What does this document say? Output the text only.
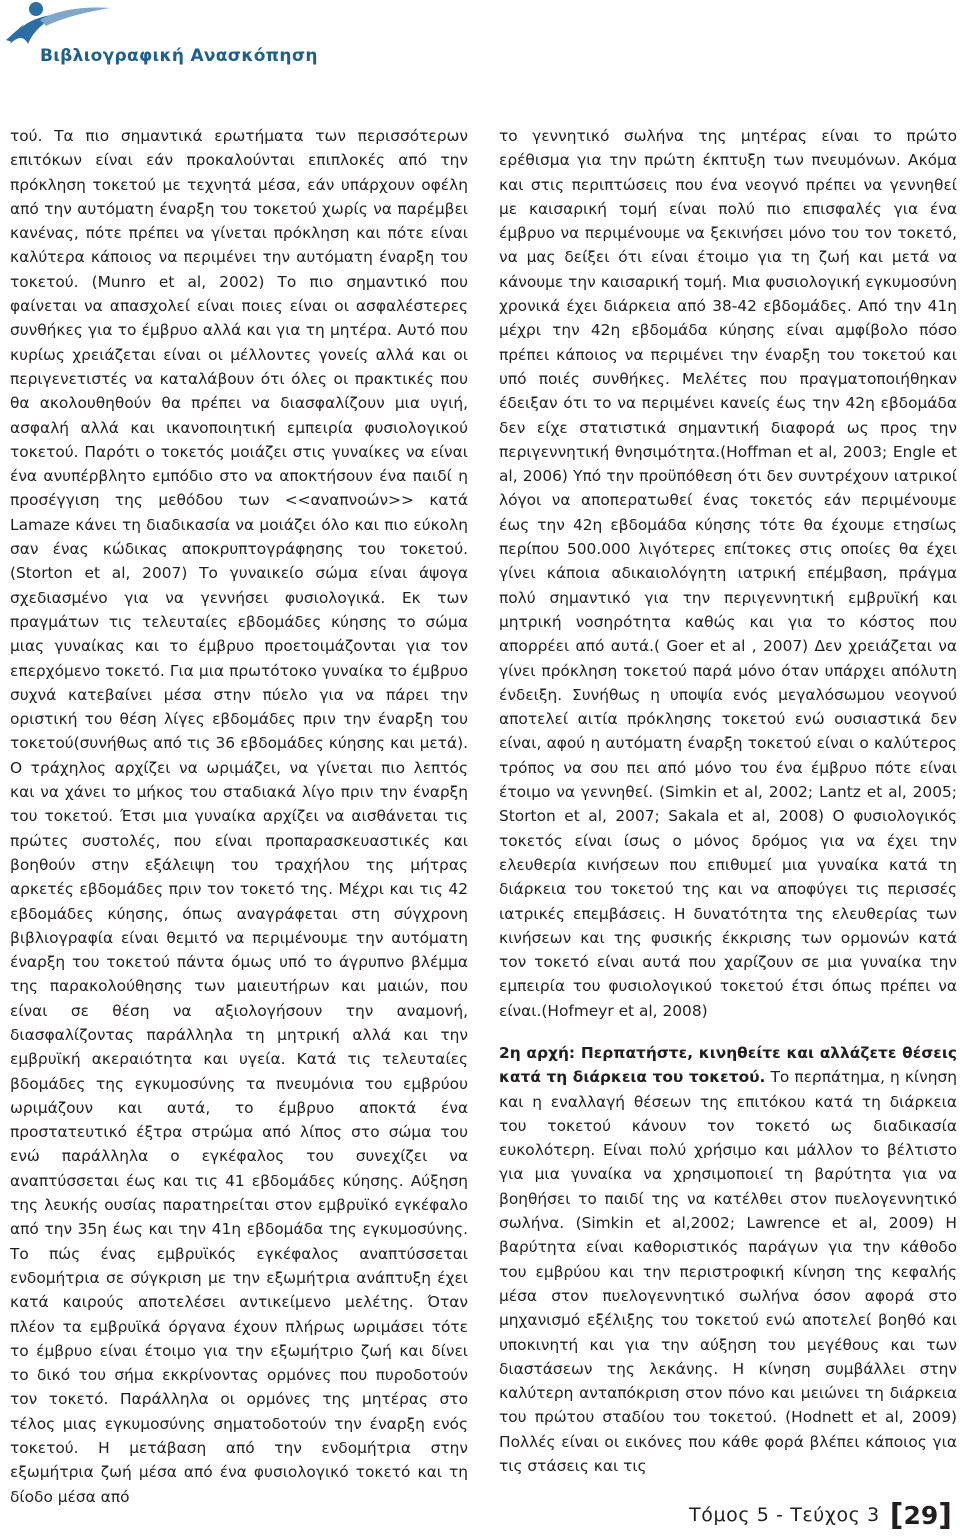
Βιβλιογραφική Ανασκόπηση

τού. Τα πιο σημαντικά ερωτήματα των περισσότερων επιτόκων είναι εάν προκαλούνται επιπλοκές από την πρόκληση τοκετού με τεχνητά μέσα, εάν υπάρχουν οφέλη από την αυτόματη έναρξη του τοκετού χωρίς να παρέμβει κανένας, πότε πρέπει να γίνεται πρόκληση και πότε είναι καλύτερα κάποιος να περιμένει την αυτόματη έναρξη του τοκετού. (Munro et al, 2002) Το πιο σημαντικό που φαίνεται να απασχολεί είναι ποιες είναι οι ασφαλέστερες συνθήκες για το έμβρυο αλλά και για τη μητέρα. Αυτό που κυρίως χρειάζεται είναι οι μέλλοντες γονείς αλλά και οι περιγενετιστές να καταλάβουν ότι όλες οι πρακτικές που θα ακολουθηθούν θα πρέπει να διασφαλίζουν μια υγιή, ασφαλή αλλά και ικανοποιητική εμπειρία φυσιολογικού τοκετού. Παρότι ο τοκετός μοιάζει στις γυναίκες να είναι ένα ανυπέρβλητο εμπόδιο στο να αποκτήσουν ένα παιδί η προσέγγιση της μεθόδου των <<αναπνοών>> κατά Lamaze κάνει τη διαδικασία να μοιάζει όλο και πιο εύκολη σαν ένας κώδικας αποκρυπτογράφησης του τοκετού.(Storton et al, 2007) Το γυναικείο σώμα είναι άψογα σχεδιασμένο για να γεννήσει φυσιολογικά. Εκ των πραγμάτων τις τελευταίες εβδομάδες κύησης το σώμα μιας γυναίκας και το έμβρυο προετοιμάζονται για τον επερχόμενο τοκετό. Για μια πρωτότοκο γυναίκα το έμβρυο συχνά κατεβαίνει μέσα στην πύελο για να πάρει την οριστική του θέση λίγες εβδομάδες πριν την έναρξη του τοκετού(συνήθως από τις 36 εβδομάδες κύησης και μετά). Ο τράχηλος αρχίζει να ωριμάζει, να γίνεται πιο λεπτός και να χάνει το μήκος του σταδιακά λίγο πριν την έναρξη του τοκετού. Έτσι μια γυναίκα αρχίζει να αισθάνεται τις πρώτες συστολές, που είναι προπαρασκευαστικές και βοηθούν στην εξάλειψη του τραχήλου της μήτρας αρκετές εβδομάδες πριν τον τοκετό της. Μέχρι και τις 42 εβδομάδες κύησης, όπως αναγράφεται στη σύγχρονη βιβλιογραφία είναι θεμιτό να περιμένουμε την αυτόματη έναρξη του τοκετού πάντα όμως υπό το άγρυπνο βλέμμα της παρακολούθησης των μαιευτήρων και μαιών, που είναι σε θέση να αξιολογήσουν την αναμονή, διασφαλίζοντας παράλληλα τη μητρική αλλά και την εμβρυϊκή ακεραιότητα και υγεία. Κατά τις τελευταίες βδομάδες της εγκυμοσύνης τα πνευμόνια του εμβρύου ωριμάζουν και αυτά, το έμβρυο αποκτά ένα προστατευτικό έξτρα στρώμα από λίπος στο σώμα του ενώ παράλληλα ο εγκέφαλος του συνεχίζει να αναπτύσσεται έως και τις 41 εβδομάδες κύησης. Αύξηση της λευκής ουσίας παρατηρείται στον εμβρυϊκό εγκέφαλο από την 35η έως και την 41η εβδομάδα της εγκυμοσύνης. Το πώς ένας εμβρυϊκός εγκέφαλος αναπτύσσεται ενδομήτρια σε σύγκριση με την εξωμήτρια ανάπτυξη έχει κατά καιρούς αποτελέσει αντικείμενο μελέτης. Όταν πλέον τα εμβρυϊκά όργανα έχουν πλήρως ωριμάσει τότε το έμβρυο είναι έτοιμο για την εξωμήτριο ζωή και δίνει το δικό του σήμα εκκρίνοντας ορμόνες που πυροδοτούν τον τοκετό. Παράλληλα οι ορμόνες της μητέρας στο τέλος μιας εγκυμοσύνης σηματοδοτούν την έναρξη ενός τοκετού. Η μετάβαση από την ενδομήτρια στην εξωμήτρια ζωή μέσα από ένα φυσιολογικό τοκετό και τη δίοδο μέσα από

το γεννητικό σωλήνα της μητέρας είναι το πρώτο ερέθισμα για την πρώτη έκπτυξη των πνευμόνων. Ακόμα και στις περιπτώσεις που ένα νεογνό πρέπει να γεννηθεί με καισαρική τομή είναι πολύ πιο επισφαλές για ένα έμβρυο να περιμένουμε να ξεκινήσει μόνο του τον τοκετό, να μας δείξει ότι είναι έτοιμο για τη ζωή και μετά να κάνουμε την καισαρική τομή. Μια φυσιολογική εγκυμοσύνη χρονικά έχει διάρκεια από 38-42 εβδομάδες. Από την 41η μέχρι την 42η εβδομάδα κύησης είναι αμφίβολο πόσο πρέπει κάποιος να περιμένει την έναρξη του τοκετού και υπό ποιές συνθήκες. Μελέτες που πραγματοποιήθηκαν έδειξαν ότι το να περιμένει κανείς έως την 42η εβδομάδα δεν είχε στατιστικά σημαντική διαφορά ως προς την περιγεννητική θνησιμότητα.(Hoffman et al, 2003; Engle et al, 2006) Υπό την προϋπόθεση ότι δεν συντρέχουν ιατρικοί λόγοι να αποπερατωθεί ένας τοκετός εάν περιμένουμε έως την 42η εβδομάδα κύησης τότε θα έχουμε ετησίως περίπου 500.000 λιγότερες επίτοκες στις οποίες θα έχει γίνει κάποια αδικαιολόγητη ιατρική επέμβαση, πράγμα πολύ σημαντικό για την περιγεννητική εμβρυϊκή και μητρική νοσηρότητα καθώς και για το κόστος που απορρέει από αυτά.( Goer et al , 2007) Δεν χρειάζεται να γίνει πρόκληση τοκετού παρά μόνο όταν υπάρχει απόλυτη ένδειξη. Συνήθως η υποψία ενός μεγαλόσωμου νεογνού αποτελεί αιτία πρόκλησης τοκετού ενώ ουσιαστικά δεν είναι, αφού η αυτόματη έναρξη τοκετού είναι ο καλύτερος τρόπος να σου πει από μόνο του ένα έμβρυο πότε είναι έτοιμο να γεννηθεί. (Simkin et al, 2002; Lantz et al, 2005; Storton et al, 2007; Sakala et al, 2008) Ο φυσιολογικός τοκετός είναι ίσως ο μόνος δρόμος για να έχει την ελευθερία κινήσεων που επιθυμεί μια γυναίκα κατά τη διάρκεια του τοκετού της και να αποφύγει τις περισσές ιατρικές επεμβάσεις. Η δυνατότητα της ελευθερίας των κινήσεων και της φυσικής έκκρισης των ορμονών κατά τον τοκετό είναι αυτά που χαρίζουν σε μια γυναίκα την εμπειρία του φυσιολογικού τοκετού έτσι όπως πρέπει να είναι.(Hofmeyr et al, 2008)

2η αρχή: Περπατήστε, κινηθείτε και αλλάζετε θέσεις κατά τη διάρκεια του τοκετού. Το περπάτημα, η κίνηση και η εναλλαγή θέσεων της επιτόκου κατά τη διάρκεια του τοκετού κάνουν τον τοκετό ως διαδικασία ευκολότερη. Είναι πολύ χρήσιμο και μάλλον το βέλτιστο για μια γυναίκα να χρησιμοποιεί τη βαρύτητα για να βοηθήσει το παιδί της να κατέλθει στον πυελογεννητικό σωλήνα. (Simkin et al,2002; Lawrence et al, 2009) Η βαρύτητα είναι καθοριστικός παράγων για την κάθοδο του εμβρύου και την περιστροφική κίνηση της κεφαλής μέσα στον πυελογεννητικό σωλήνα όσον αφορά στο μηχανισμό εξέλιξης του τοκετού ενώ αποτελεί βοηθό και υποκινητή και για την αύξηση του μεγέθους και των διαστάσεων της λεκάνης. Η κίνηση συμβάλλει στην καλύτερη ανταπόκριση στον πόνο και μειώνει τη διάρκεια του πρώτου σταδίου του τοκετού. (Hodnett et al, 2009) Πολλές είναι οι εικόνες που κάθε φορά βλέπει κάποιος για τις στάσεις και τις

Τόμος 5 - Τεύχος 3 [ 29 ]
